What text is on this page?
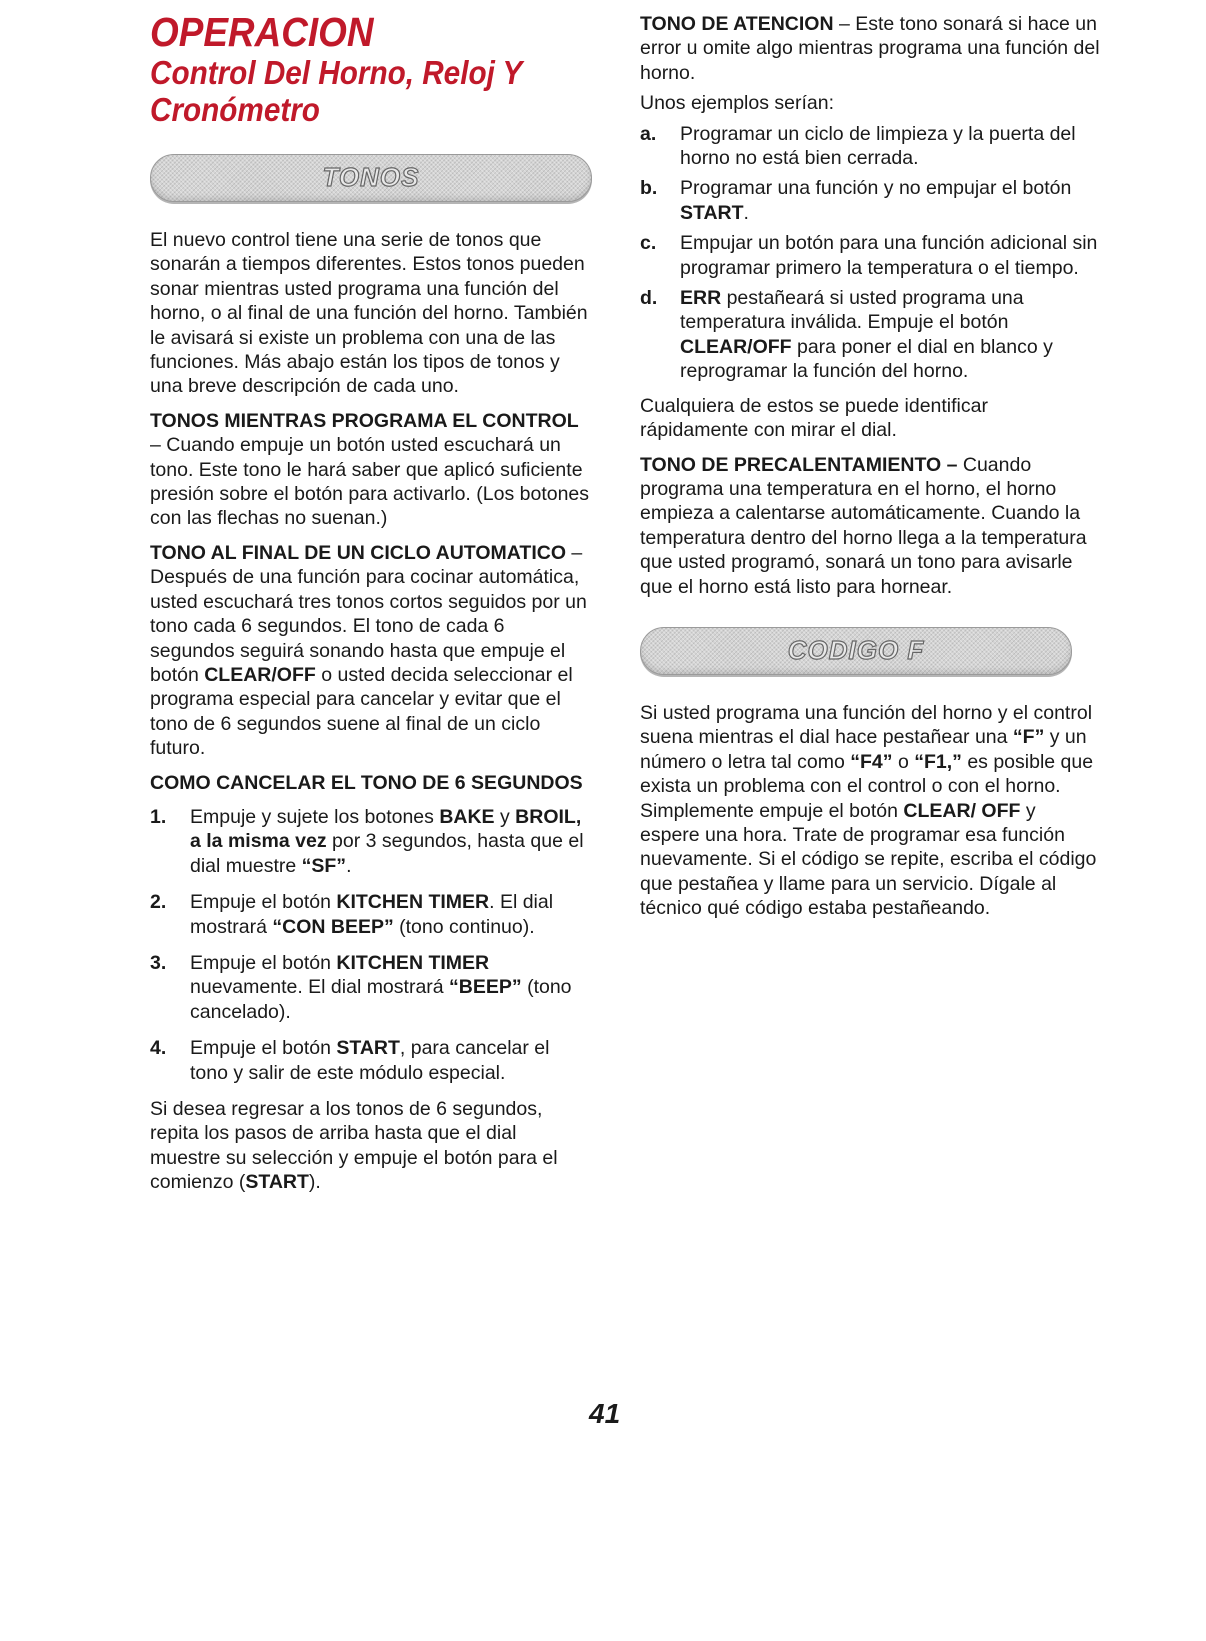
OPERACION
Control Del Horno, Reloj Y Cronómetro
TONOS

El nuevo control tiene una serie de tonos que sonarán a tiempos diferentes. Estos tonos pueden sonar mientras usted programa una función del horno, o al final de una función del horno. También le avisará si existe un problema con una de las funciones. Más abajo están los tipos de tonos y una breve descripción de cada uno.

TONOS MIENTRAS PROGRAMA EL CONTROL – Cuando empuje un botón usted escuchará un tono. Este tono le hará saber que aplicó suficiente presión sobre el botón para activarlo. (Los botones con las flechas no suenan.)

TONO AL FINAL DE UN CICLO AUTOMATICO – Después de una función para cocinar automática, usted escuchará tres tonos cortos seguidos por un tono cada 6 segundos. El tono de cada 6 segundos seguirá sonando hasta que empuje el botón CLEAR/OFF o usted decida seleccionar el programa especial para cancelar y evitar que el tono de 6 segundos suene al final de un ciclo futuro.

COMO CANCELAR EL TONO DE 6 SEGUNDOS

1. Empuje y sujete los botones BAKE y BROIL, a la misma vez por 3 segundos, hasta que el dial muestre “SF”.
2. Empuje el botón KITCHEN TIMER. El dial mostrará “CON BEEP” (tono continuo).
3. Empuje el botón KITCHEN TIMER nuevamente. El dial mostrará “BEEP” (tono cancelado).
4. Empuje el botón START, para cancelar el tono y salir de este módulo especial.

Si desea regresar a los tonos de 6 segundos, repita los pasos de arriba hasta que el dial muestre su selección y empuje el botón para el comienzo (START).

TONO DE ATENCION – Este tono sonará si hace un error u omite algo mientras programa una función del horno.

Unos ejemplos serían:

a. Programar un ciclo de limpieza y la puerta del horno no está bien cerrada.
b. Programar una función y no empujar el botón START.
c. Empujar un botón para una función adicional sin programar primero la temperatura o el tiempo.
d. ERR pestañeará si usted programa una temperatura inválida. Empuje el botón CLEAR/OFF para poner el dial en blanco y reprogramar la función del horno.

Cualquiera de estos se puede identificar rápidamente con mirar el dial.

TONO DE PRECALENTAMIENTO – Cuando programa una temperatura en el horno, el horno empieza a calentarse automáticamente. Cuando la temperatura dentro del horno llega a la temperatura que usted programó, sonará un tono para avisarle que el horno está listo para hornear.

CODIGO F

Si usted programa una función del horno y el control suena mientras el dial hace pestañear una “F” y un número o letra tal como “F4” o “F1,” es posible que exista un problema con el control o con el horno. Simplemente empuje el botón CLEAR/ OFF y espere una hora. Trate de programar esa función nuevamente. Si el código se repite, escriba el código que pestañea y llame para un servicio. Dígale al técnico qué código estaba pestañeando.

41
